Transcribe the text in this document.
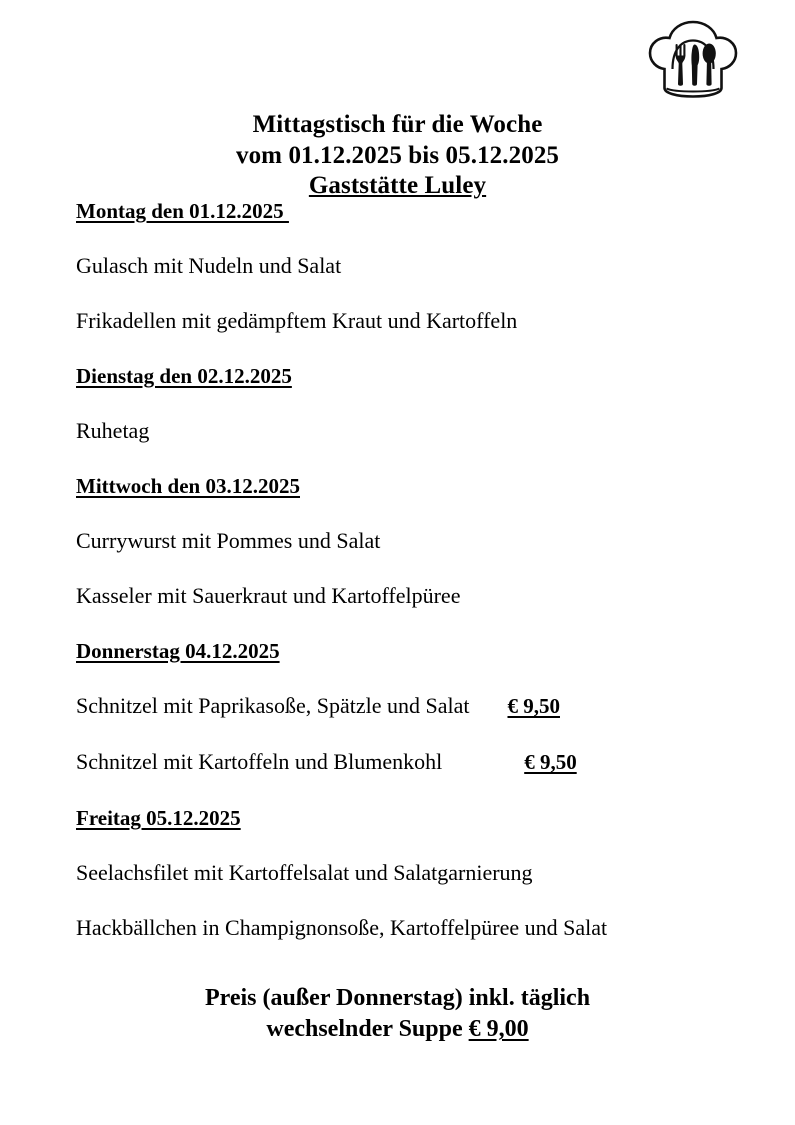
Mittagstisch für die Woche
vom 01.12.2025 bis 05.12.2025
Gaststätte Luley
Montag den 01.12.2025
Gulasch mit Nudeln und Salat
Frikadellen mit gedämpftem Kraut und Kartoffeln
Dienstag den 02.12.2025
Ruhetag
Mittwoch den 03.12.2025
Currywurst mit Pommes und Salat
Kasseler mit Sauerkraut und Kartoffelpüree
Donnerstag 04.12.2025
Schnitzel mit Paprikasoße, Spätzle und Salat € 9,50
Schnitzel mit Kartoffeln und Blumenkohl	€ 9,50
Freitag 05.12.2025
Seelachsfilet mit Kartoffelsalat und Salatgarnierung
Hackbällchen in Champignonsoße, Kartoffelpüree und Salat
Preis (außer Donnerstag) inkl. täglich
wechselnder Suppe € 9,00
